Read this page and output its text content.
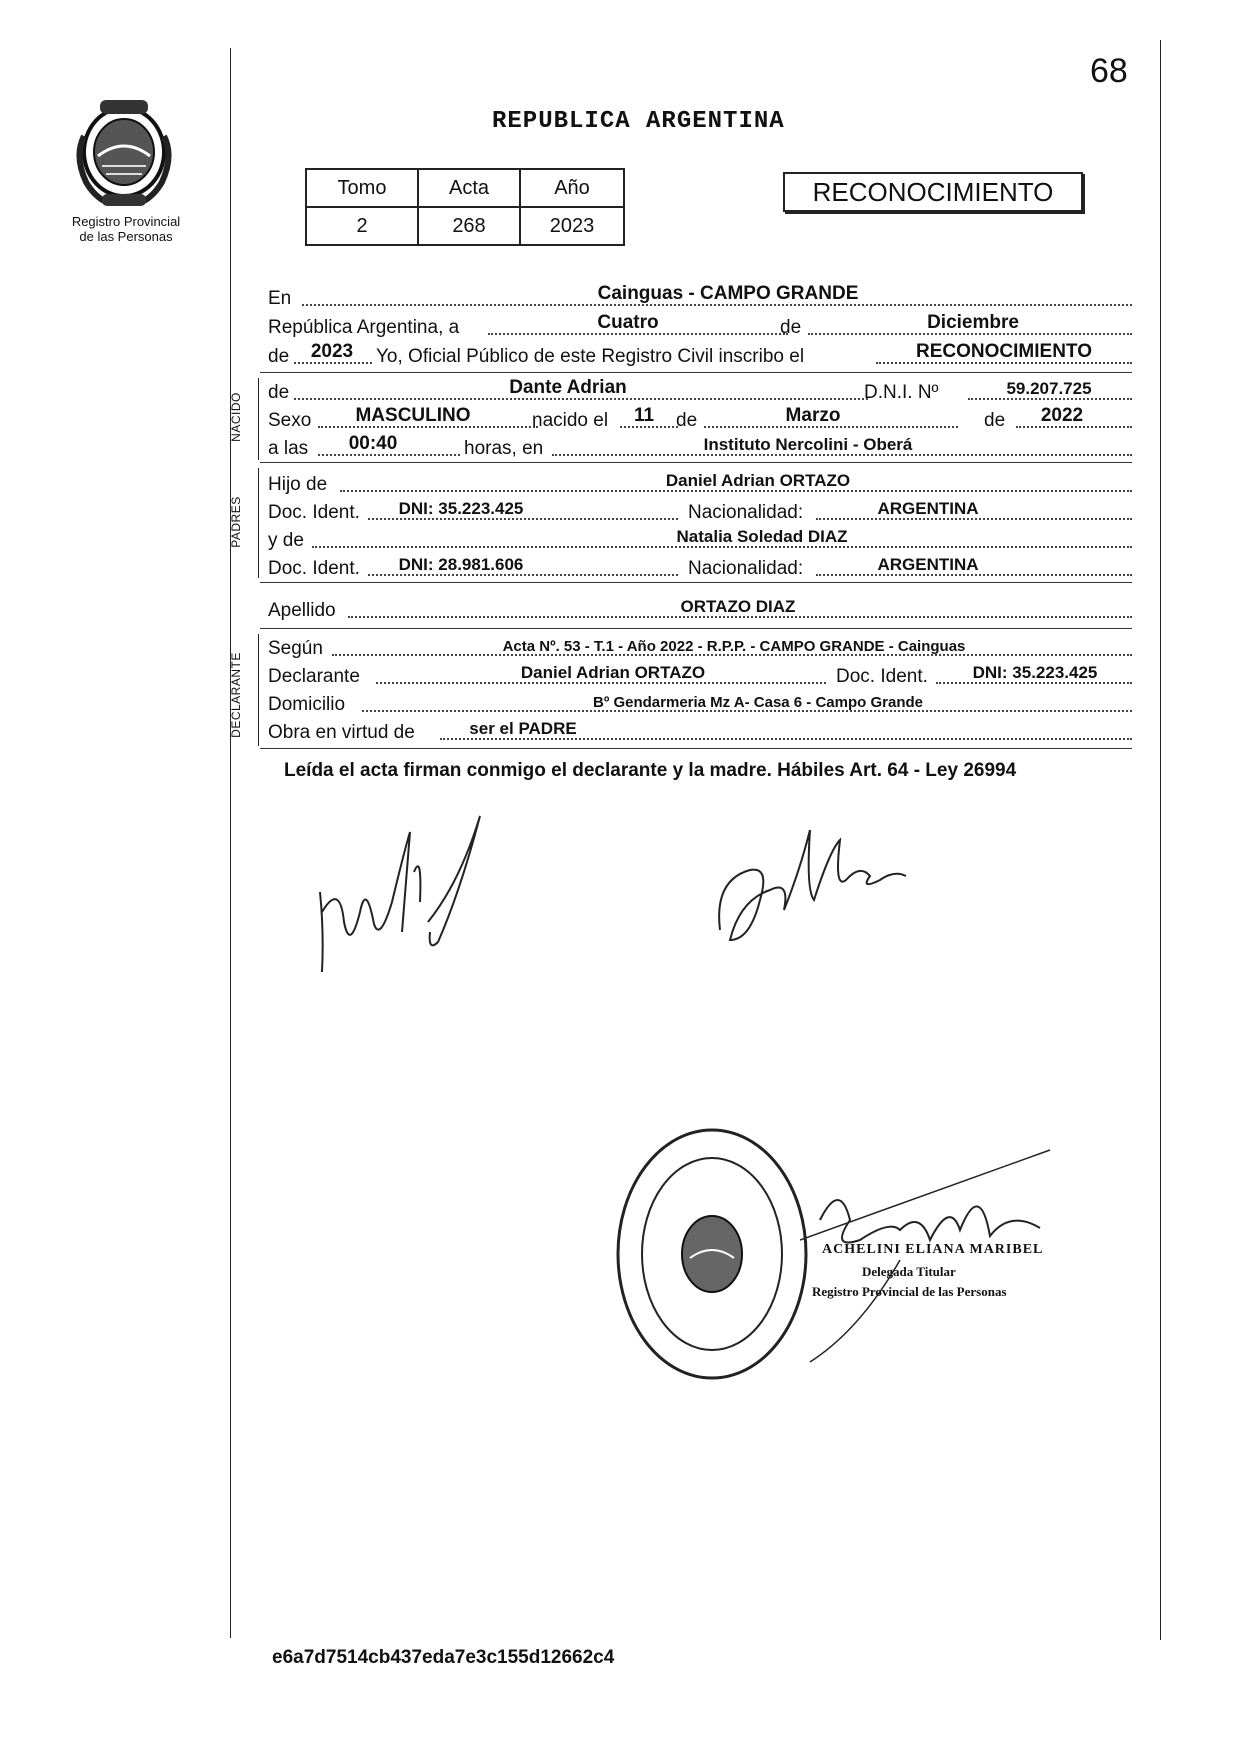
68
REPUBLICA ARGENTINA
Registro Provincial
de las Personas
Tomo	Acta	Año
2	268	2023
RECONOCIMIENTO
En	Cainguas - CAMPO GRANDE
República Argentina, a	Cuatro	de	Diciembre
de	2023	Yo, Oficial Público de este Registro Civil inscribo el	RECONOCIMIENTO
NACIDO de	Dante Adrian	D.N.I. Nº	59.207.725
Sexo	MASCULINO	nacido el	11	de	Marzo	de	2022
a las	00:40	horas, en	Instituto Nercolini - Oberá
PADRES
Hijo de	Daniel Adrian ORTAZO
Doc. Ident.	DNI: 35.223.425	Nacionalidad:	ARGENTINA
y de	Natalia Soledad DIAZ
Doc. Ident.	DNI: 28.981.606	Nacionalidad:	ARGENTINA
Apellido	ORTAZO DIAZ
DECLARANTE
Según	Acta Nº. 53 - T.1 - Año 2022 - R.P.P. - CAMPO GRANDE - Cainguas
Declarante	Daniel Adrian ORTAZO	Doc. Ident.	DNI: 35.223.425
Domicilio	Bº Gendarmeria Mz A- Casa 6 - Campo Grande
Obra en virtud de	ser el PADRE
Leída el acta firman conmigo el declarante y la madre. Hábiles Art. 64 - Ley 26994
ACHELINI ELIANA MARIBEL
Delegada Titular
Registro Provincial de las Personas
e6a7d7514cb437eda7e3c155d12662c4
